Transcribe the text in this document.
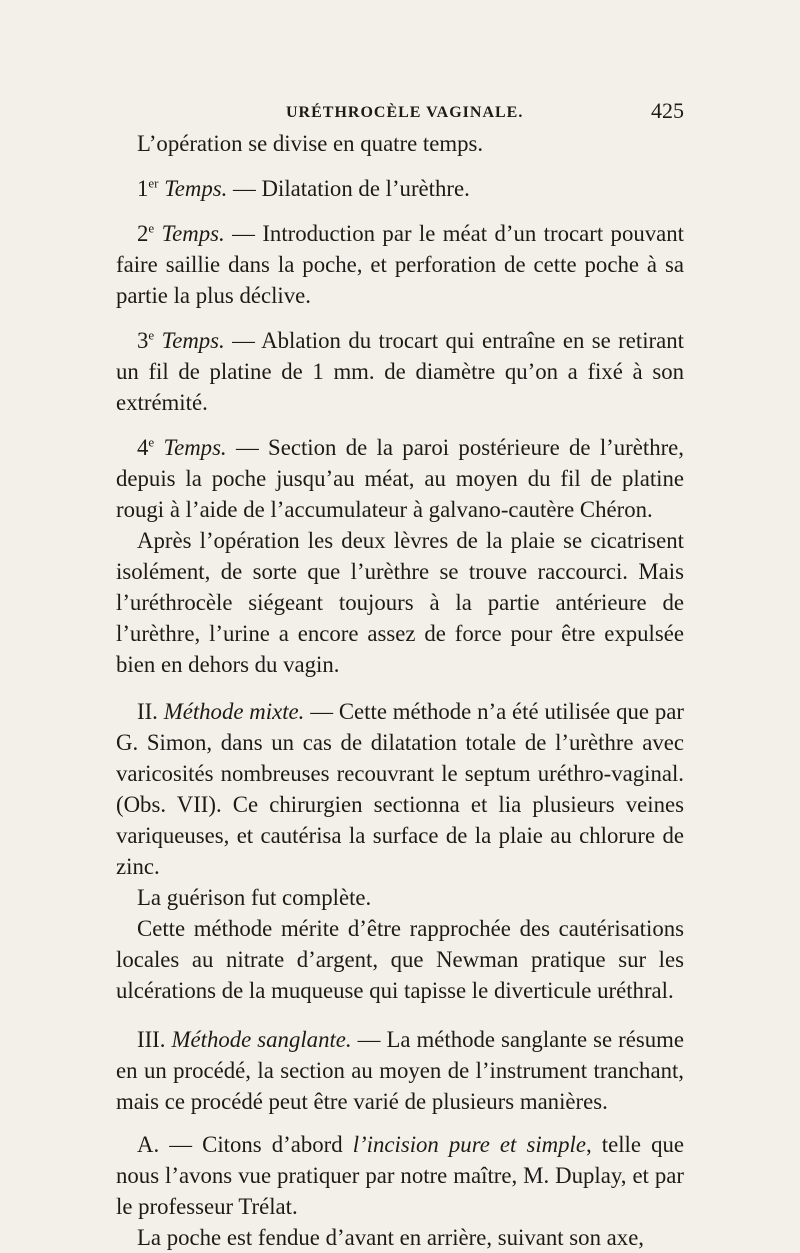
URÉTHROCÈLE VAGINALE.	425

L’opération se divise en quatre temps.

1er Temps. — Dilatation de l’urèthre.

2e Temps. — Introduction par le méat d’un trocart pouvant faire saillie dans la poche, et perforation de cette poche à sa partie la plus déclive.

3e Temps. — Ablation du trocart qui entraîne en se retirant un fil de platine de 1 mm. de diamètre qu’on a fixé à son extrémité.

4e Temps. — Section de la paroi postérieure de l’urèthre, depuis la poche jusqu’au méat, au moyen du fil de platine rougi à l’aide de l’accumulateur à galvano-cautère Chéron.

Après l’opération les deux lèvres de la plaie se cicatrisent isolément, de sorte que l’urèthre se trouve raccourci. Mais l’uréthrocèle siégeant toujours à la partie antérieure de l’urèthre, l’urine a encore assez de force pour être expulsée bien en dehors du vagin.

II. Méthode mixte. — Cette méthode n’a été utilisée que par G. Simon, dans un cas de dilatation totale de l’urèthre avec varicosités nombreuses recouvrant le septum uréthro-vaginal. (Obs. VII). Ce chirurgien sectionna et lia plusieurs veines variqueuses, et cautérisa la surface de la plaie au chlorure de zinc.

La guérison fut complète.

Cette méthode mérite d’être rapprochée des cautérisations locales au nitrate d’argent, que Newman pratique sur les ulcérations de la muqueuse qui tapisse le diverticule uréthral.

III. Méthode sanglante. — La méthode sanglante se résume en un procédé, la section au moyen de l’instrument tranchant, mais ce procédé peut être varié de plusieurs manières.

A. — Citons d’abord l’incision pure et simple, telle que nous l’avons vue pratiquer par notre maître, M. Duplay, et par le professeur Trélat.

La poche est fendue d’avant en arrière, suivant son axe,
